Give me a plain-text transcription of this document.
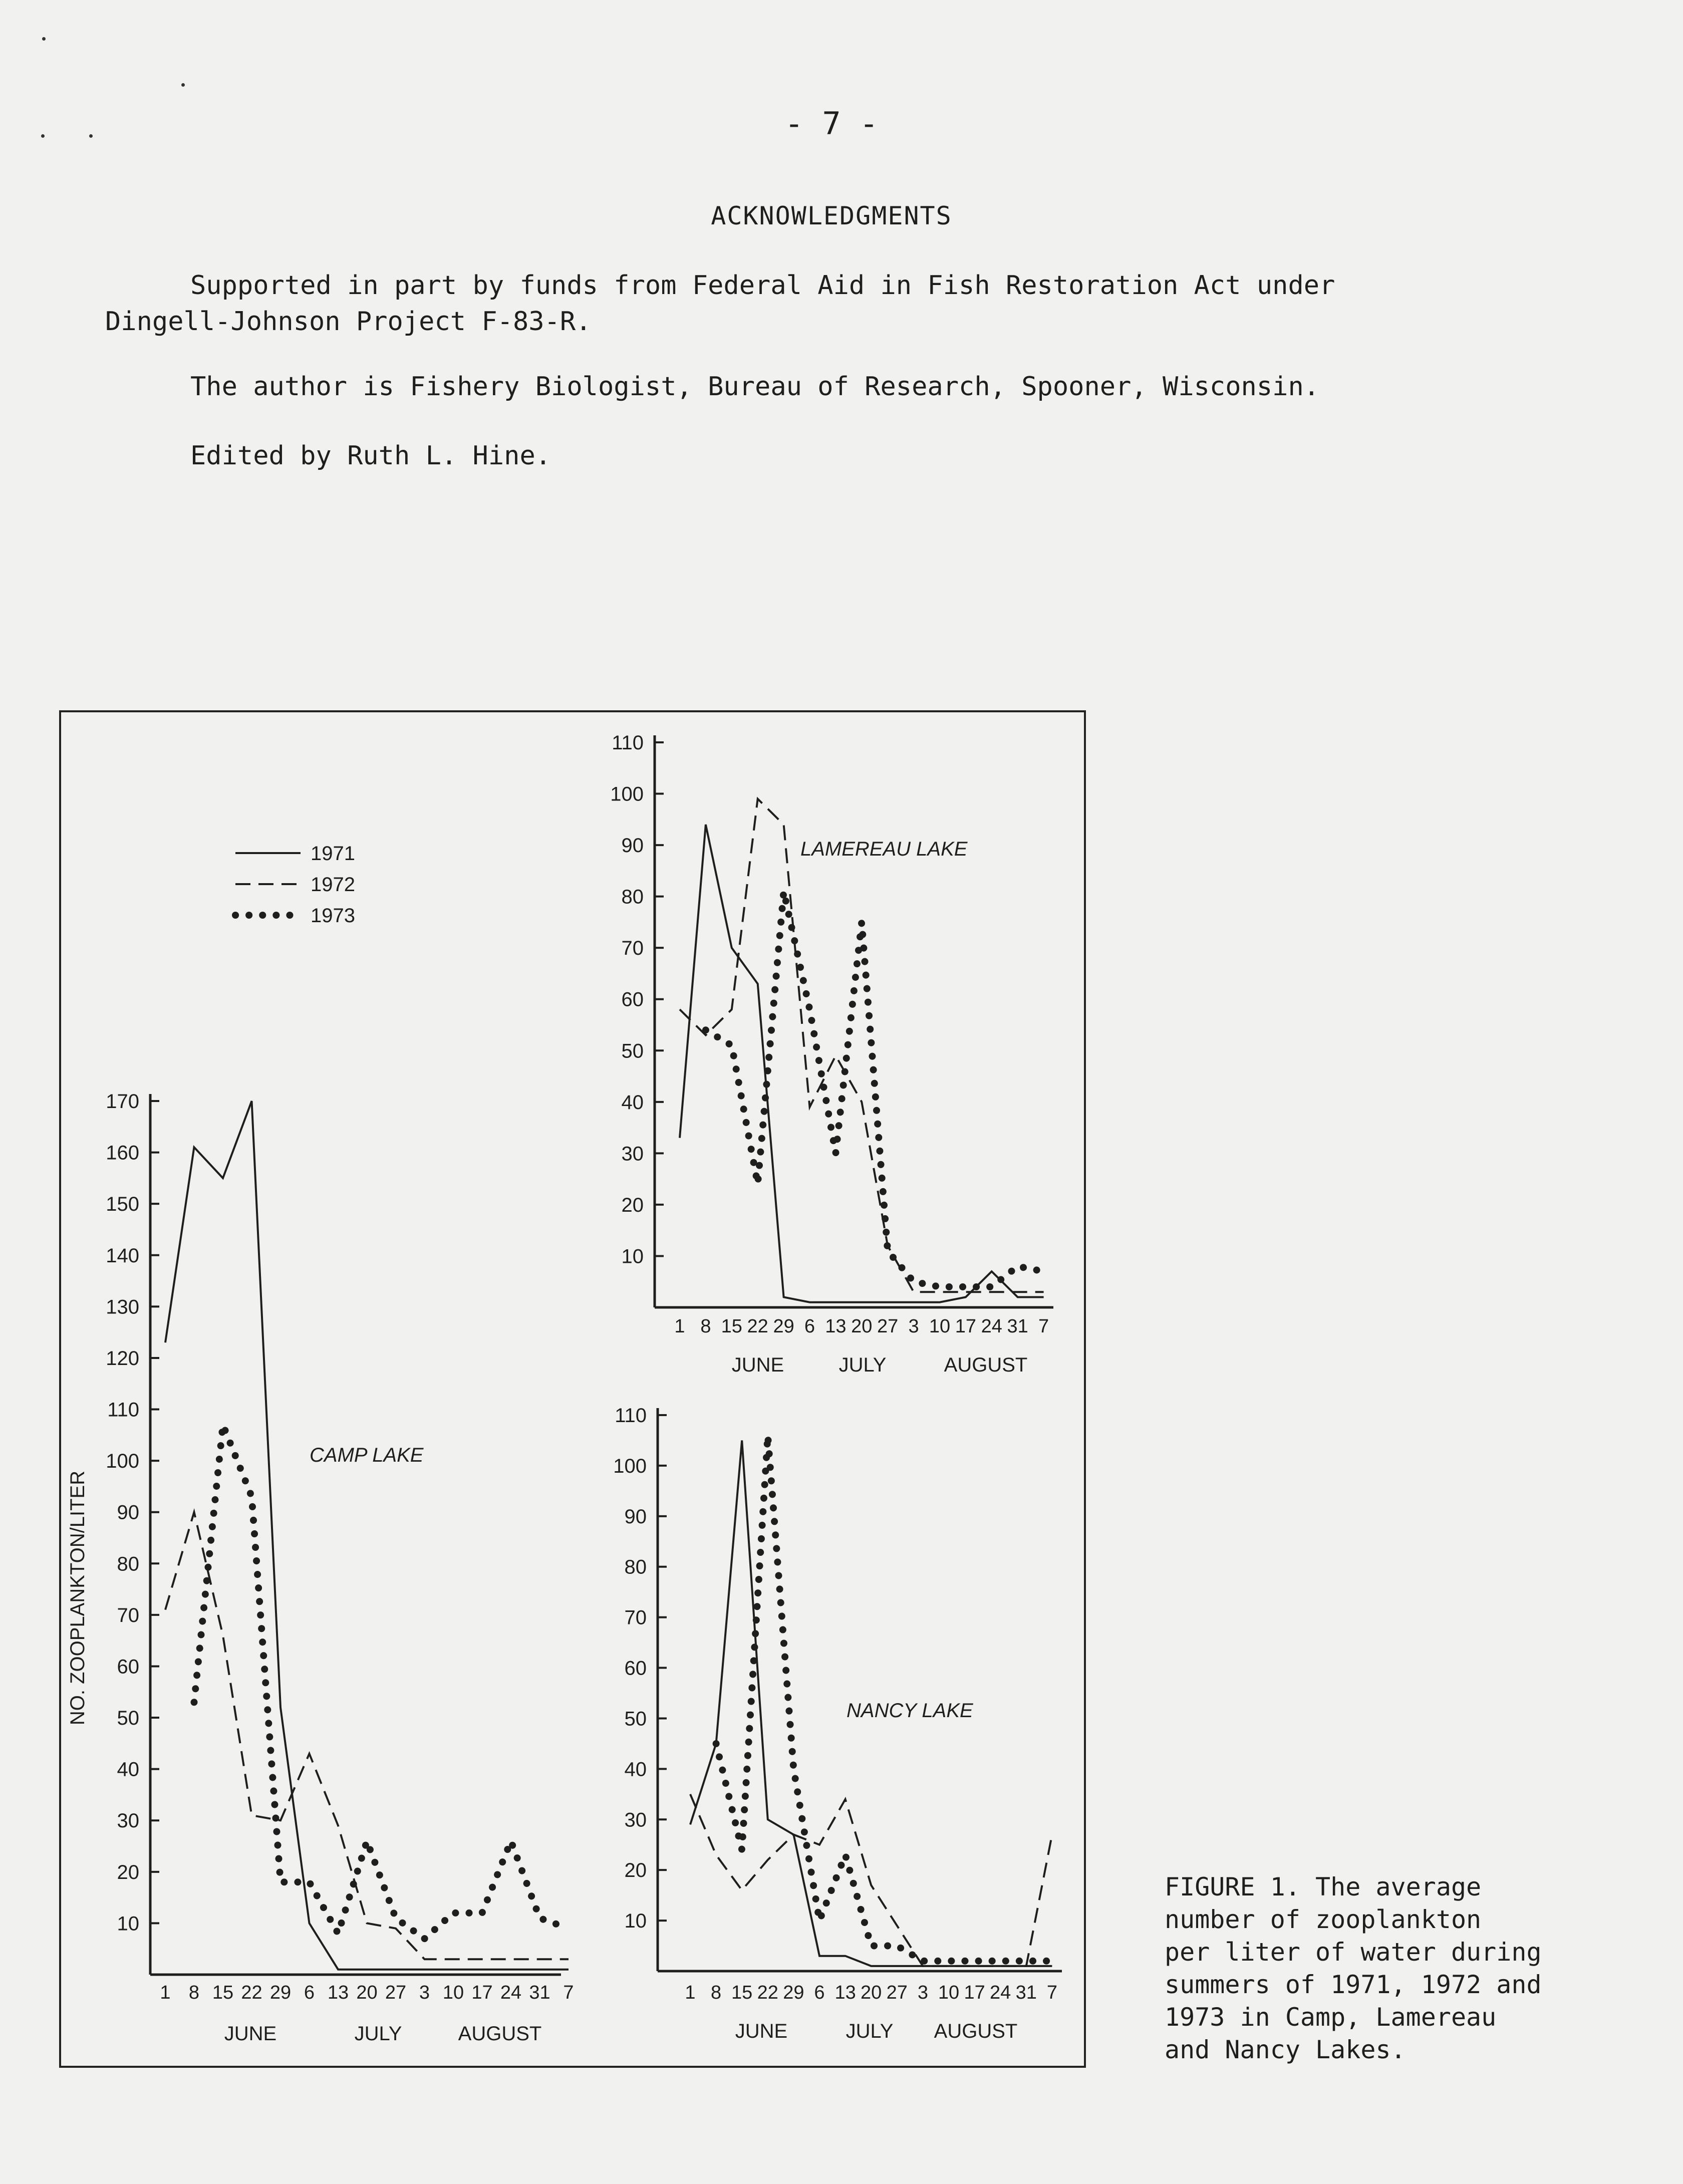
- 7 -
ACKNOWLEDGMENTS
Supported in part by funds from Federal Aid in Fish Restoration Act under
Dingell-Johnson Project F-83-R.
The author is Fishery Biologist, Bureau of Research, Spooner, Wisconsin.
Edited by Ruth L. Hine.
10
20
30
40
50
60
70
80
90
100
110
120
130
140
150
160
170
1 8 15 22 29 6 13 20 27 3 10 17 24 31 7
JUNE	JULY	AUGUST
CAMP LAKE
NO. ZOOPLANKTON/LITER
10
20
30
40
50
60
70
80
90
100
110
1 8 15 22 29 6 13 20 27 3 10 17 24 31 7
JUNE	JULY	AUGUST
LAMEREAU LAKE
10
20
30
40
50
60
70
80
90
100
110
1 8 15 22 29 6 13 20 27 3 10 17 24 31 7
JUNE	JULY AUGUST
NANCY LAKE
1971
1972
1973
FIGURE 1. The average
number of zooplankton
per liter of water during
summers of 1971, 1972 and
1973 in Camp, Lamereau
and Nancy Lakes.
